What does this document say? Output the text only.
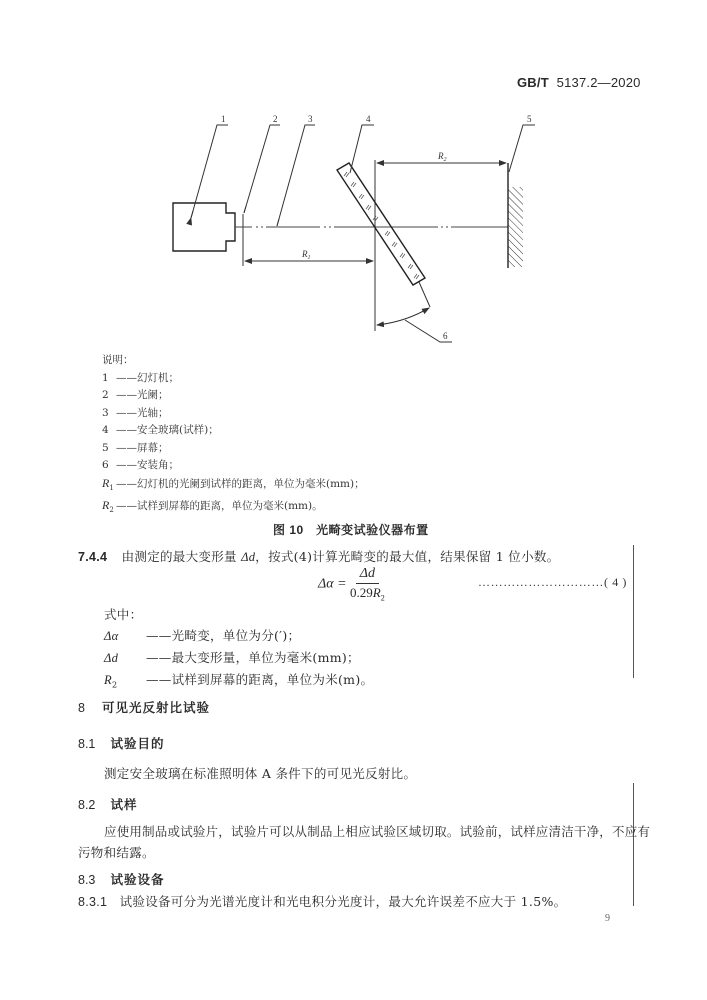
GB/T 5137.2—2020
$R_1$
$R_2$
1	2	3	4	5
6
说明：
1 ——幻灯机；
2 ——光阑；
3 ——光轴；
4 ——安全玻璃(试样)；
5 ——屏幕；
6 ——安装角；
$R_1$ ——幻灯机的光阑到试样的距离，单位为毫米(mm)；
$R_2$ ——试样到屏幕的距离，单位为毫米(mm)。
图 10　光畸变试验仪器布置
7.4.4 由测定的最大变形量 Δd，按式(4)计算光畸变的最大值，结果保留 1 位小数。
$\Delta\alpha = \frac{\Delta d}{0.29R_2}$	…………………………( 4 )
式中：
Δα ——光畸变，单位为分(′)；
Δd ——最大变形量，单位为毫米(mm)；
$R_2$ ——试样到屏幕的距离，单位为米(m)。
8 可见光反射比试验
8.1 试验目的
测定安全玻璃在标准照明体 A 条件下的可见光反射比。
8.2 试样
应使用制品或试验片，试验片可以从制品上相应试验区域切取。试验前，试样应清洁干净，不应有
污物和结露。
8.3 试验设备
8.3.1 试验设备可分为光谱光度计和光电积分光度计，最大允许误差不应大于 1.5%。
9
